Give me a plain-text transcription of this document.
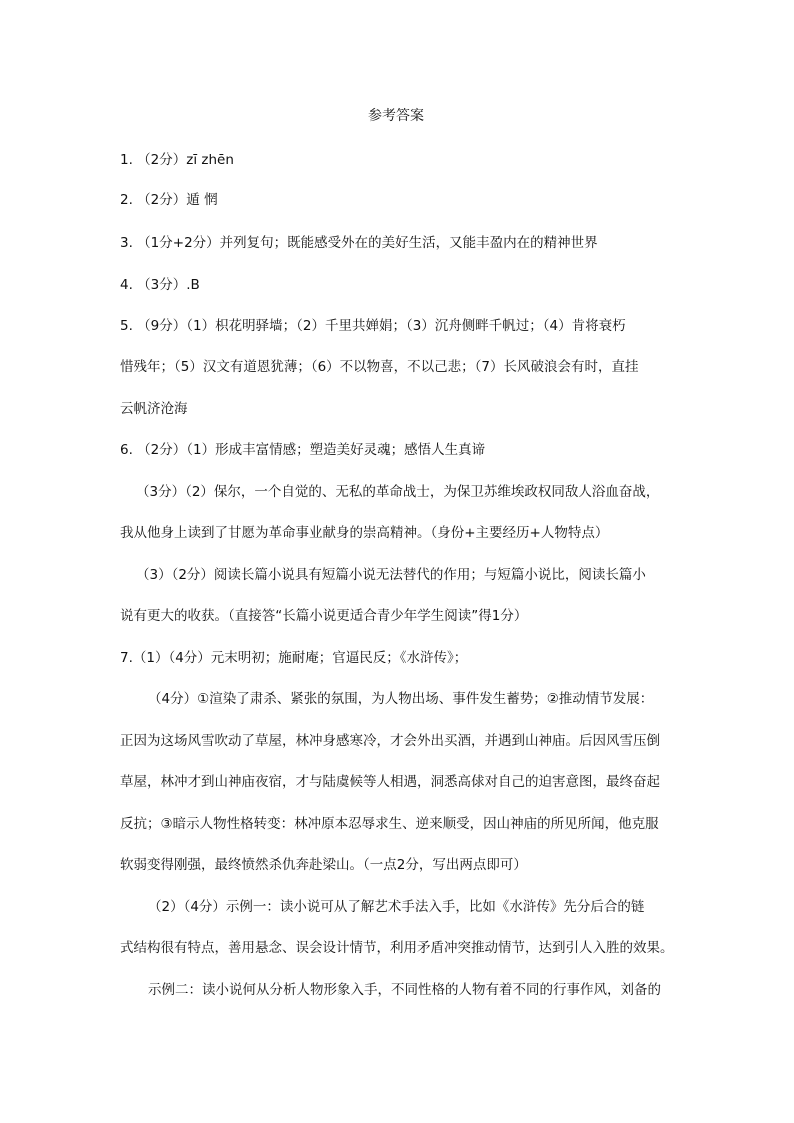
参考答案
1. （2分）zī zhēn
2. （2分）遁 惘
3. （1分+2分）并列复句；既能感受外在的美好生活，又能丰盈内在的精神世界
4. （3分）.B
5. （9分）（1）枳花明驿墙；（2）千里共婵娟；（3）沉舟侧畔千帆过；（4）肯将衰朽
惜残年；（5）汉文有道恩犹薄；（6）不以物喜，不以己悲；（7）长风破浪会有时，直挂
云帆济沧海
6. （2分）（1）形成丰富情感；塑造美好灵魂；感悟人生真谛
（3分）（2）保尔，一个自觉的、无私的革命战士，为保卫苏维埃政权同敌人浴血奋战，
我从他身上读到了甘愿为革命事业献身的崇高精神。（身份+主要经历+人物特点）
（3）（2分）阅读长篇小说具有短篇小说无法替代的作用；与短篇小说比，阅读长篇小
说有更大的收获。（直接答“长篇小说更适合青少年学生阅读”得1分）
7.（1）（4分）元末明初；施耐庵；官逼民反；《水浒传》；
（4分）①渲染了肃杀、紧张的氛围，为人物出场、事件发生蓄势；②推动情节发展：
正因为这场风雪吹动了草屋，林冲身感寒冷，才会外出买酒，并遇到山神庙。后因风雪压倒
草屋，林冲才到山神庙夜宿，才与陆虞候等人相遇，洞悉高俅对自己的迫害意图，最终奋起
反抗；③暗示人物性格转变：林冲原本忍辱求生、逆来顺受，因山神庙的所见所闻，他克服
软弱变得刚强，最终愤然杀仇奔赴梁山。（一点2分，写出两点即可）
（2）（4分）示例一：读小说可从了解艺术手法入手，比如《水浒传》先分后合的链
式结构很有特点，善用悬念、误会设计情节，利用矛盾冲突推动情节，达到引人入胜的效果。
示例二：读小说何从分析人物形象入手，不同性格的人物有着不同的行事作风，刘备的
